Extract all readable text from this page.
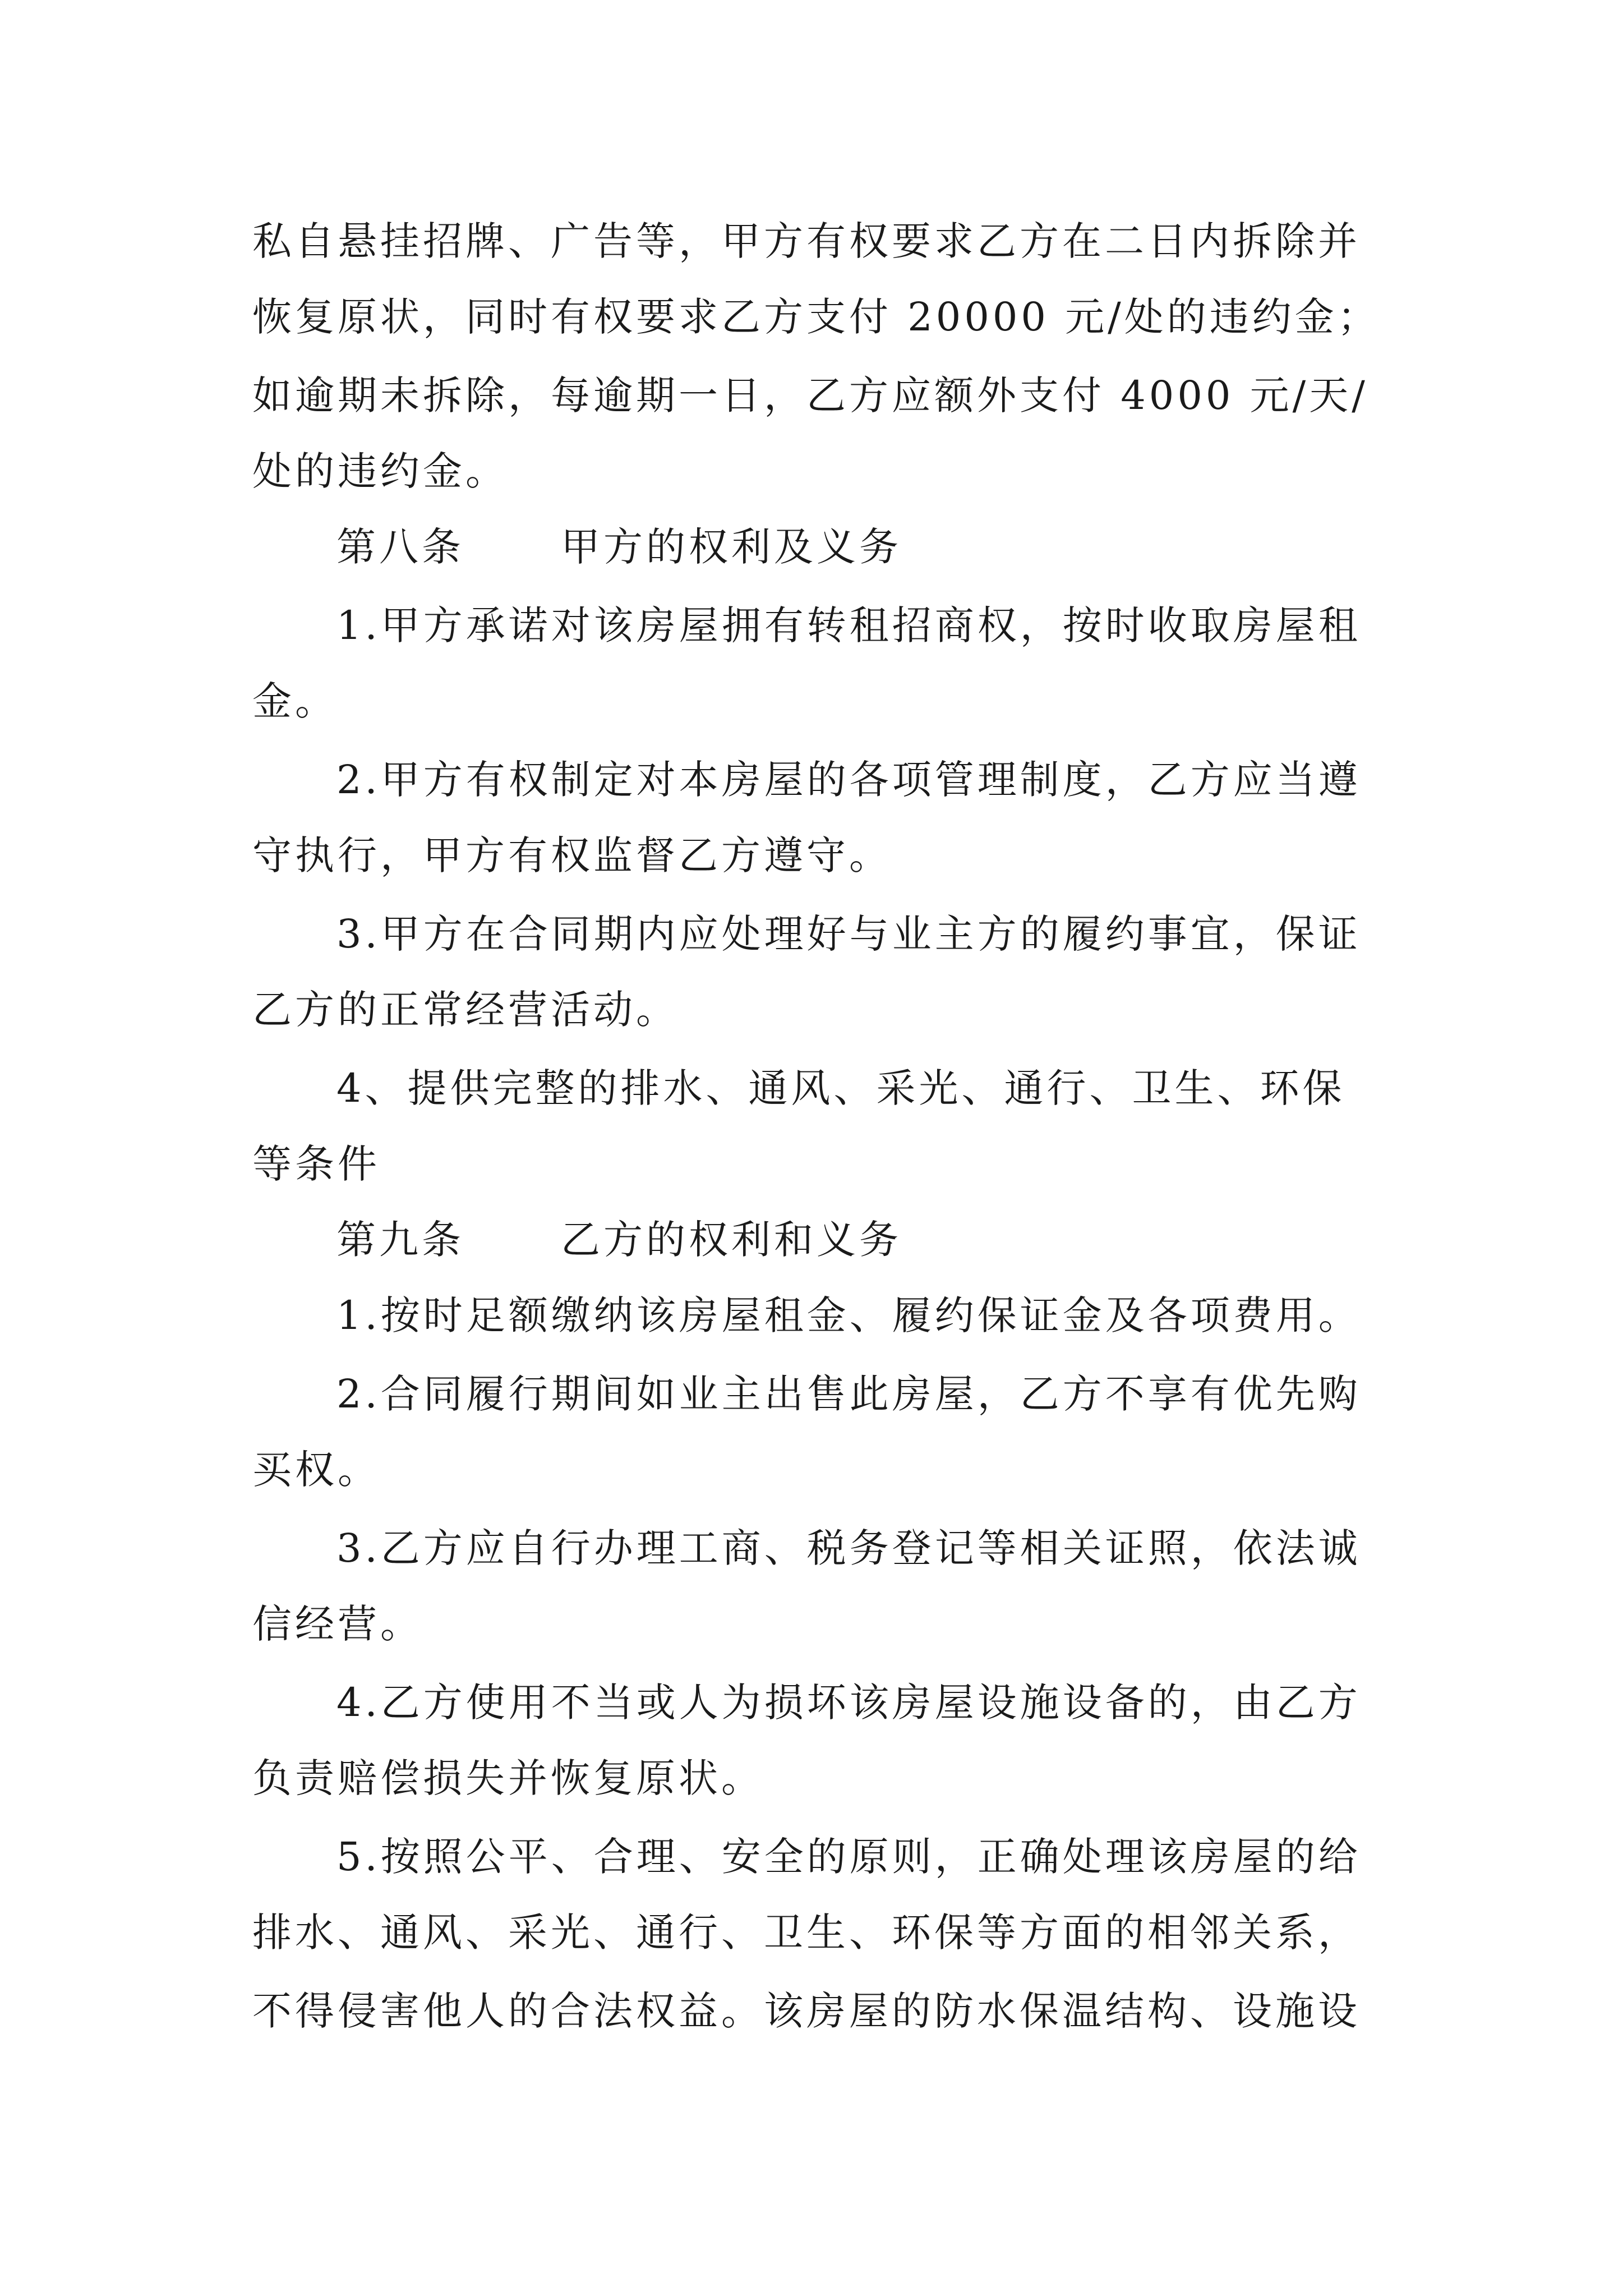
私自悬挂招牌、广告等，甲方有权要求乙方在二日内拆除并
恢复原状，同时有权要求乙方支付 20000 元/处的违约金；
如逾期未拆除，每逾期一日，乙方应额外支付 4000 元/天/
处的违约金。
第八条 甲方的权利及义务
1.甲方承诺对该房屋拥有转租招商权，按时收取房屋租
金。
2.甲方有权制定对本房屋的各项管理制度，乙方应当遵
守执行，甲方有权监督乙方遵守。
3.甲方在合同期内应处理好与业主方的履约事宜，保证
乙方的正常经营活动。
4、提供完整的排水、通风、采光、通行、卫生、环保
等条件
第九条 乙方的权利和义务
1.按时足额缴纳该房屋租金、履约保证金及各项费用。
2.合同履行期间如业主出售此房屋，乙方不享有优先购
买权。
3.乙方应自行办理工商、税务登记等相关证照，依法诚
信经营。
4.乙方使用不当或人为损坏该房屋设施设备的，由乙方
负责赔偿损失并恢复原状。
5.按照公平、合理、安全的原则，正确处理该房屋的给
排水、通风、采光、通行、卫生、环保等方面的相邻关系，
不得侵害他人的合法权益。该房屋的防水保温结构、设施设
